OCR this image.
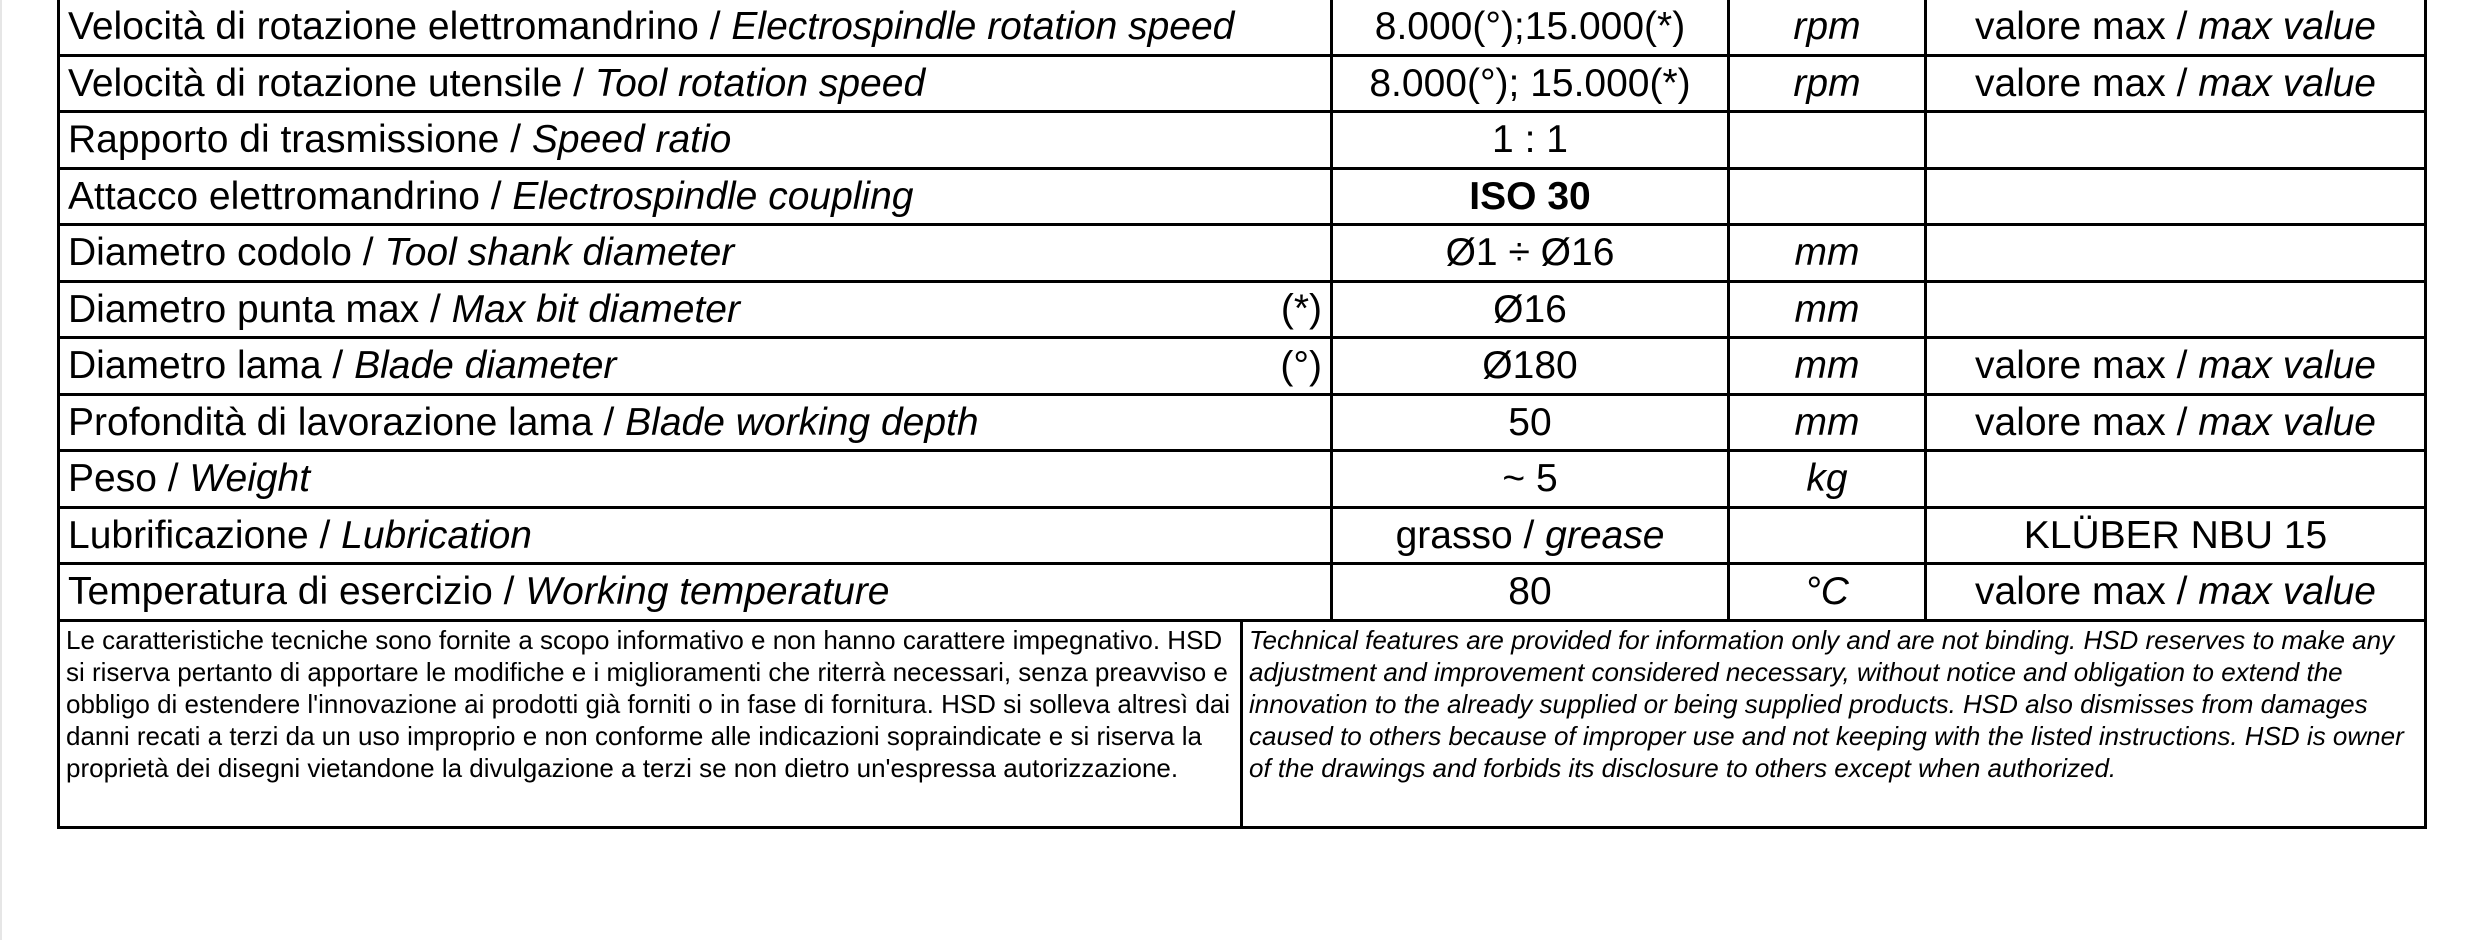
Velocità di rotazione elettromandrino / Electrospindle rotation speed	8.000(°);15.000(*)	rpm	valore max / max value
Velocità di rotazione utensile / Tool rotation speed	8.000(°); 15.000(*)	rpm	valore max / max value
Rapporto di trasmissione / Speed ratio	1 : 1		
Attacco elettromandrino / Electrospindle coupling	ISO 30		
Diametro codolo / Tool shank diameter	Ø1 ÷ Ø16	mm	
Diametro punta max / Max bit diameter (*)	Ø16	mm	
Diametro lama / Blade diameter (°)	Ø180	mm	valore max / max value
Profondità di lavorazione lama / Blade working depth	50	mm	valore max / max value
Peso / Weight	~ 5	kg	
Lubrificazione / Lubrication	grasso / grease		KLÜBER NBU 15
Temperatura di esercizio / Working temperature	80	°C	valore max / max value
Le caratteristiche tecniche sono fornite a scopo informativo e non hanno carattere impegnativo. HSD si riserva pertanto di apportare le modifiche e i miglioramenti che riterrà necessari, senza preavviso e obbligo di estendere l'innovazione ai prodotti già forniti o in fase di fornitura. HSD si solleva altresì dai danni recati a terzi da un uso improprio e non conforme alle indicazioni sopraindicate e si riserva la proprietà dei disegni vietandone la divulgazione a terzi se non dietro un'espressa autorizzazione.	Technical features are provided for information only and are not binding. HSD reserves to make any adjustment and improvement considered necessary, without notice and obligation to extend the innovation to the already supplied or being supplied products. HSD also dismisses from damages caused to others because of improper use and not keeping with the listed instructions. HSD is owner of the drawings and forbids its disclosure to others except when authorized.
